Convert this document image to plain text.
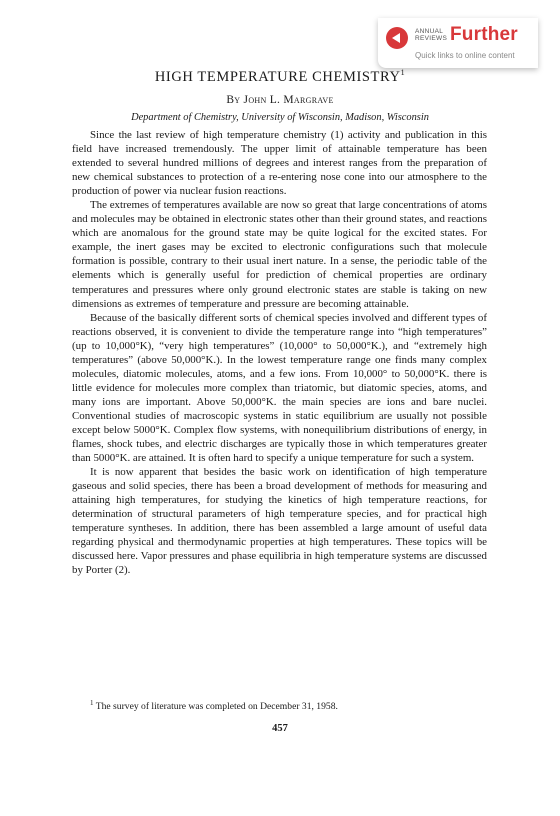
ANNUAL REVIEWS Further
Quick links to online content
HIGH TEMPERATURE CHEMISTRY$^1$
By John L. Margrave
Department of Chemistry, University of Wisconsin, Madison, Wisconsin

Since the last review of high temperature chemistry (1) activity and publication in this field have increased tremendously. The upper limit of attainable temperature has been extended to several hundred millions of degrees and interest ranges from the preparation of new chemical substances to protection of a re-entering nose cone into our atmosphere to the production of power via nuclear fusion reactions.

The extremes of temperatures available are now so great that large concentrations of atoms and molecules may be obtained in electronic states other than their ground states, and reactions which are anomalous for the ground state may be quite logical for the excited states. For example, the inert gases may be excited to electronic configurations such that molecule formation is possible, contrary to their usual inert nature. In a sense, the periodic table of the elements which is generally useful for prediction of chemical properties are ordinary temperatures and pressures where only ground electronic states are stable is taking on new dimensions as extremes of temperature and pressure are becoming attainable.

Because of the basically different sorts of chemical species involved and different types of reactions observed, it is convenient to divide the temperature range into “high temperatures” (up to 10,000°K), “very high temperatures” (10,000° to 50,000°K.), and “extremely high temperatures” (above 50,000°K.). In the lowest temperature range one finds many complex molecules, diatomic molecules, atoms, and a few ions. From 10,000° to 50,000°K. there is little evidence for molecules more complex than triatomic, but diatomic species, atoms, and many ions are important. Above 50,000°K. the main species are ions and bare nuclei. Conventional studies of macroscopic systems in static equilibrium are usually not possible except below 5000°K. Complex flow systems, with nonequilibrium distributions of energy, in flames, shock tubes, and electric discharges are typically those in which temperatures greater than 5000°K. are attained. It is often hard to specify a unique temperature for such a system.

It is now apparent that besides the basic work on identification of high temperature gaseous and solid species, there has been a broad development of methods for measuring and attaining high temperatures, for studying the kinetics of high temperature reactions, for determination of structural parameters of high temperature species, and for practical high temperature syntheses. In addition, there has been assembled a large amount of useful data regarding physical and thermodynamic properties at high temperatures. These topics will be discussed here. Vapor pressures and phase equilibria in high temperature systems are discussed by Porter (2).

$^1$ The survey of literature was completed on December 31, 1958.
457
